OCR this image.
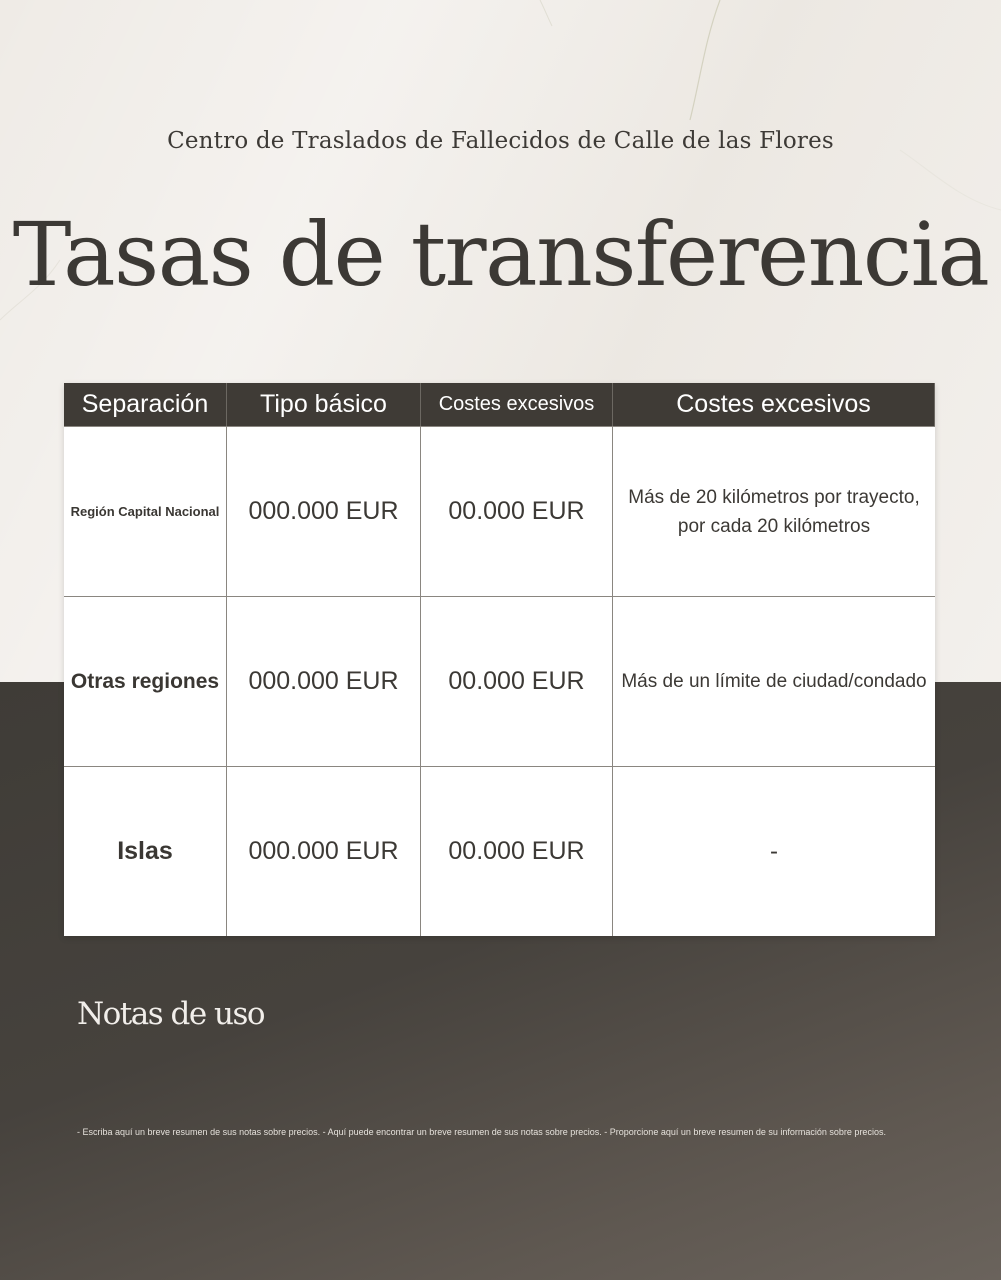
Centro de Traslados de Fallecidos de Calle de las Flores
Tasas de transferencia
Separación	Tipo básico	Costes excesivos	Costes excesivos
Región Capital Nacional	000.000 EUR	00.000 EUR	Más de 20 kilómetros por trayecto, por cada 20 kilómetros
Otras regiones	000.000 EUR	00.000 EUR	Más de un límite de ciudad/condado
Islas	000.000 EUR	00.000 EUR	-
Notas de uso
- Escriba aquí un breve resumen de sus notas sobre precios. - Aquí puede encontrar un breve resumen de sus notas sobre precios. - Proporcione aquí un breve resumen de su información sobre precios.
